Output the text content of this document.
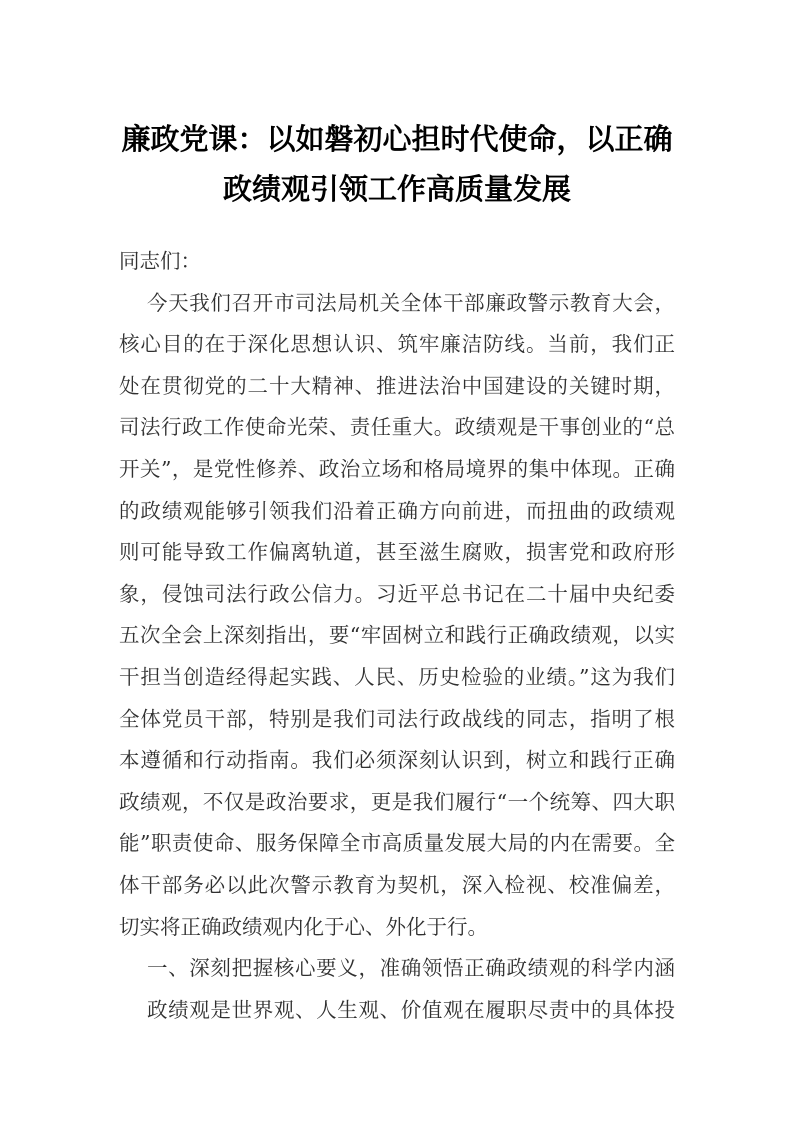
廉政党课：以如磐初心担时代使命，以正确
政绩观引领工作高质量发展
同志们：
今天我们召开市司法局机关全体干部廉政警示教育大会，
核心目的在于深化思想认识、筑牢廉洁防线。当前，我们正
处在贯彻党的二十大精神、推进法治中国建设的关键时期，
司法行政工作使命光荣、责任重大。政绩观是干事创业的“总
开关”，是党性修养、政治立场和格局境界的集中体现。正确
的政绩观能够引领我们沿着正确方向前进，而扭曲的政绩观
则可能导致工作偏离轨道，甚至滋生腐败，损害党和政府形
象，侵蚀司法行政公信力。习近平总书记在二十届中央纪委
五次全会上深刻指出，要“牢固树立和践行正确政绩观，以实
干担当创造经得起实践、人民、历史检验的业绩。”这为我们
全体党员干部，特别是我们司法行政战线的同志，指明了根
本遵循和行动指南。我们必须深刻认识到，树立和践行正确
政绩观，不仅是政治要求，更是我们履行“一个统筹、四大职
能”职责使命、服务保障全市高质量发展大局的内在需要。全
体干部务必以此次警示教育为契机，深入检视、校准偏差，
切实将正确政绩观内化于心、外化于行。
一、深刻把握核心要义，准确领悟正确政绩观的科学内涵
政绩观是世界观、人生观、价值观在履职尽责中的具体投
